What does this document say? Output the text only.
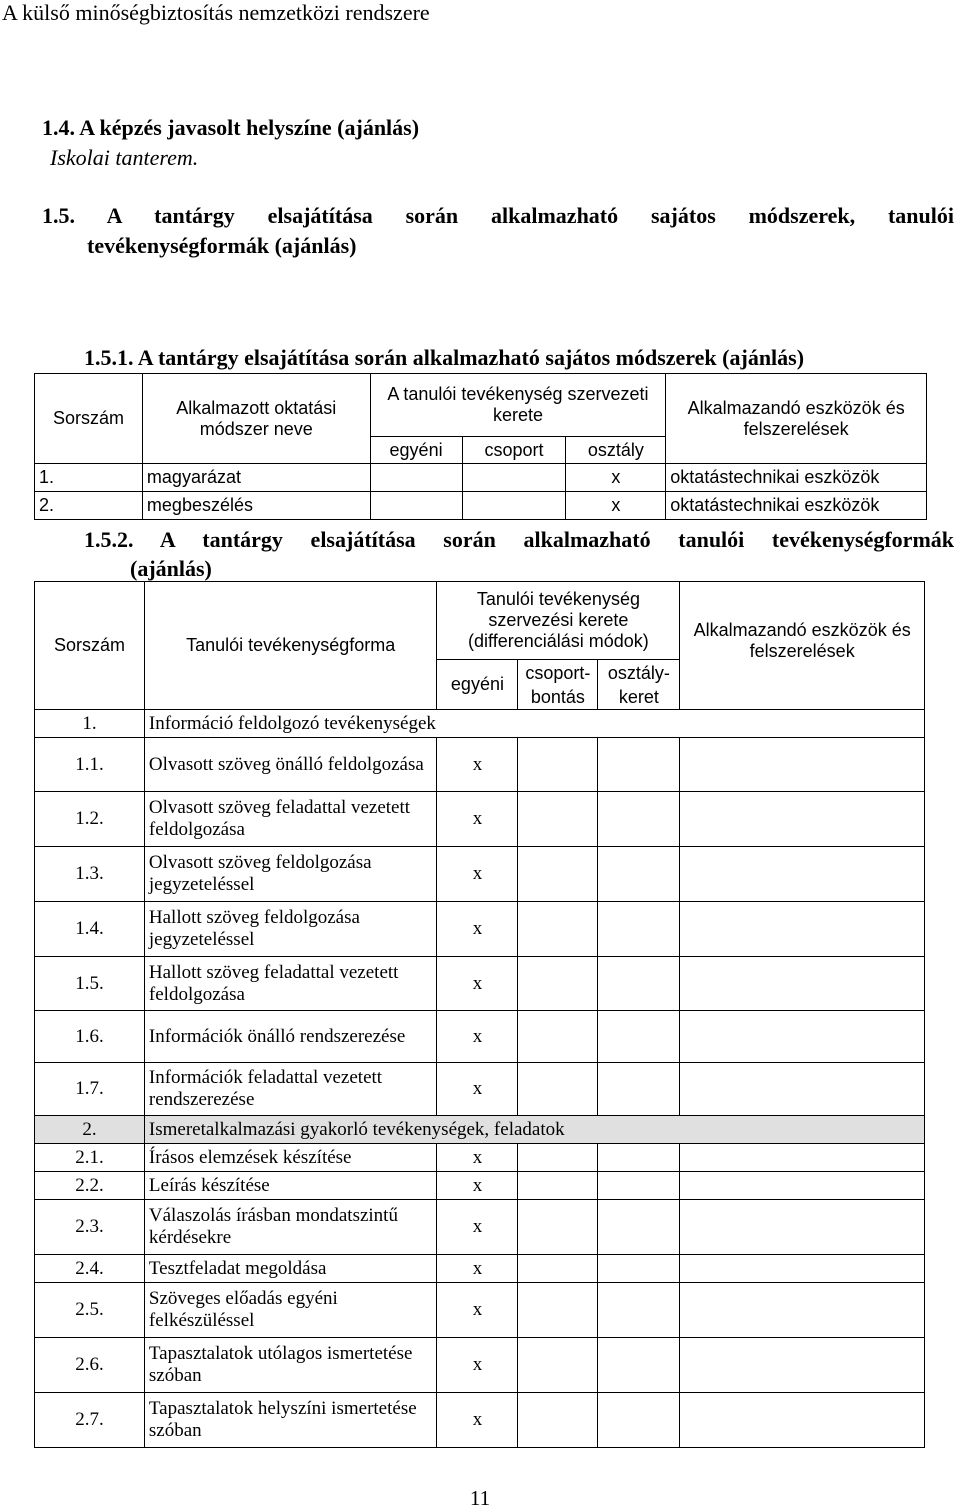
A külső minőségbiztosítás nemzetközi rendszere
1.4. A képzés javasolt helyszíne (ajánlás)
Iskolai tanterem.
1.5. A tantárgy elsajátítása során alkalmazható sajátos módszerek, tanulói
tevékenységformák (ajánlás)
1.5.1. A tantárgy elsajátítása során alkalmazható sajátos módszerek (ajánlás)
Sorszám	Alkalmazott oktatási módszer neve	A tanulói tevékenység szervezeti kerete			Alkalmazandó eszközök és felszerelések
		egyéni	csoport	osztály	
1.	magyarázat			x	oktatástechnikai eszközök
2.	megbeszélés			x	oktatástechnikai eszközök
1.5.2. A tantárgy elsajátítása során alkalmazható tanulói tevékenységformák
(ajánlás)
Sorszám	Tanulói tevékenységforma	Tanulói tevékenység szervezési kerete (differenciálási módok)			Alkalmazandó eszközök és felszerelések
		egyéni	csoport-bontás	osztály-keret	
1.	Információ feldolgozó tevékenységek				
1.1.	Olvasott szöveg önálló feldolgozása	x			
1.2.	Olvasott szöveg feladattal vezetett feldolgozása	x			
1.3.	Olvasott szöveg feldolgozása jegyzeteléssel	x			
1.4.	Hallott szöveg feldolgozása jegyzeteléssel	x			
1.5.	Hallott szöveg feladattal vezetett feldolgozása	x			
1.6.	Információk önálló rendszerezése	x			
1.7.	Információk feladattal vezetett rendszerezése	x			
2.	Ismeretalkalmazási gyakorló tevékenységek, feladatok				
2.1.	Írásos elemzések készítése	x			
2.2.	Leírás készítése	x			
2.3.	Válaszolás írásban mondatszintű kérdésekre	x			
2.4.	Tesztfeladat megoldása	x			
2.5.	Szöveges előadás egyéni felkészüléssel	x			
2.6.	Tapasztalatok utólagos ismertetése szóban	x			
2.7.	Tapasztalatok helyszíni ismertetése szóban	x			
11
